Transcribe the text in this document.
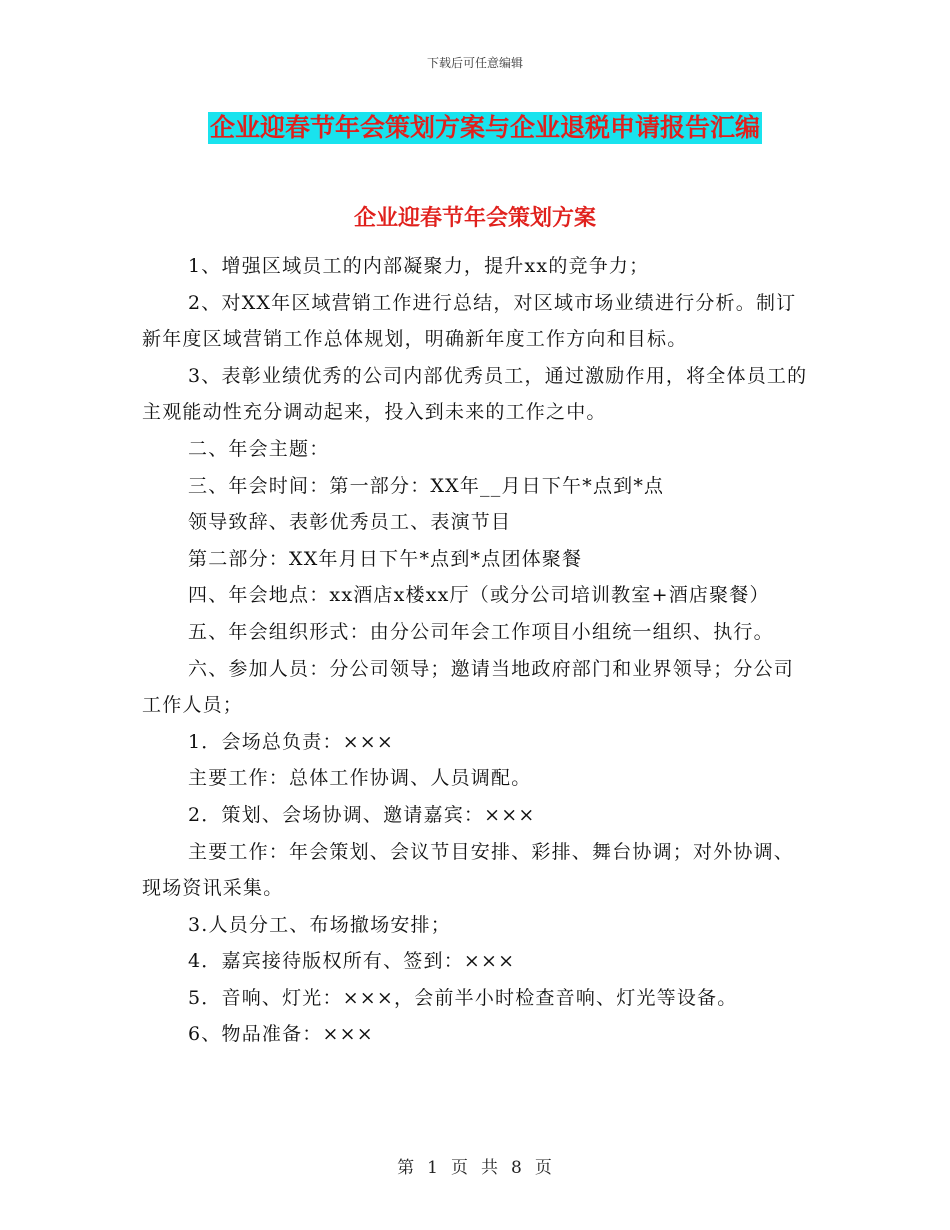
下载后可任意编辑
企业迎春节年会策划方案与企业退税申请报告汇编
企业迎春节年会策划方案

1、增强区域员工的内部凝聚力，提升xx的竞争力；

2、对XX年区域营销工作进行总结，对区域市场业绩进行分析。制订新年度区域营销工作总体规划，明确新年度工作方向和目标。

3、表彰业绩优秀的公司内部优秀员工，通过激励作用，将全体员工的主观能动性充分调动起来，投入到未来的工作之中。

二、年会主题：

三、年会时间：第一部分：XX年__月日下午*点到*点

领导致辞、表彰优秀员工、表演节目

第二部分：XX年月日下午*点到*点团体聚餐

四、年会地点：xx酒店x楼xx厅（或分公司培训教室+酒店聚餐）

五、年会组织形式：由分公司年会工作项目小组统一组织、执行。

六、参加人员：分公司领导；邀请当地政府部门和业界领导；分公司工作人员；

1．会场总负责：×××

主要工作：总体工作协调、人员调配。

2．策划、会场协调、邀请嘉宾：×××

主要工作：年会策划、会议节目安排、彩排、舞台协调；对外协调、现场资讯采集。

3.人员分工、布场撤场安排；

4．嘉宾接待版权所有、签到：×××

5．音响、灯光：×××，会前半小时检查音响、灯光等设备。

6、物品准备：×××

第 1 页 共 8 页
